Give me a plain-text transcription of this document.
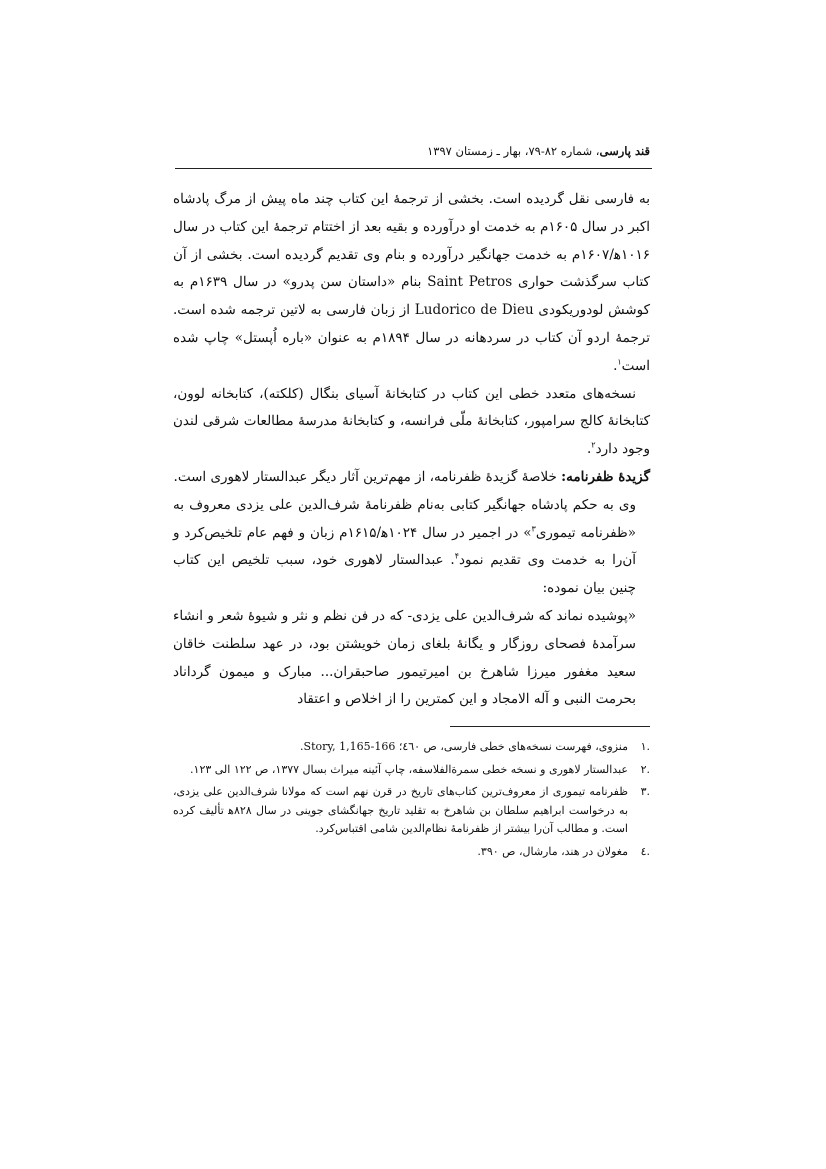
قند پارسی، شماره ۸۲-۷۹، بهار ـ زمستان ۱۳۹۷

به فارسی نقل گردیده است. بخشی از ترجمهٔ این کتاب چند ماه پیش از مرگ پادشاه اکبر در سال ۱۶۰۵م به خدمت او درآورده و بقیه بعد از اختتام ترجمهٔ این کتاب در سال ۱۰۱۶ه‍/۱۶۰۷م به خدمت جهانگیر درآورده و بنام وی تقدیم گردیده است. بخشی از آن کتاب سرگذشت حواری Saint Petros بنام «داستان سن پدرو» در سال ۱۶۳۹م به کوشش لودوریکودی Ludorico de Dieu از زبان فارسی به لاتین ترجمه شده است. ترجمهٔ اردو آن کتاب در سردهانه در سال ۱۸۹۴م به عنوان «باره اُپستل» چاپ شده است$^۱$.

نسخه‌های متعدد خطی این کتاب در کتابخانهٔ آسیای بنگال (کلکته)، کتابخانه لوون، کتابخانهٔ کالج سرامپور، کتابخانهٔ ملّی فرانسه، و کتابخانهٔ مدرسهٔ مطالعات شرقی لندن وجود دارد$^۲$.

گزیدهٔ ظفرنامه: خلاصهٔ گزیدهٔ ظفرنامه، از مهم‌ترین آثار دیگر عبدالستار لاهوری است.

وی به حکم پادشاه جهانگیر کتابی به‌نام ظفرنامهٔ شرف‌الدین علی یزدی معروف به «ظفرنامه تیموری$^۳$» در اجمیر در سال ۱۰۲۴ه‍/۱۶۱۵م زبان و فهم عام تلخیص‌کرد و آن‌را به خدمت وی تقدیم نمود$^۴$. عبدالستار لاهوری خود، سبب تلخیص این کتاب چنین بیان نموده:

«پوشیده نماند که شرف‌الدین علی یزدی- که در فن نظم و نثر و شیوهٔ شعر و انشاء سرآمدهٔ فصحای روزگار و یگانهٔ بلغای زمان خویشتن بود، در عهد سلطنت خاقان سعید مغفور میرزا شاهرخ بن امیرتیمور صاحبقران... مبارک و میمون گرداناد بحرمت النبی و آله الامجاد و این کمترین را از اخلاص و اعتقاد

.۱
منزوی، فهرست نسخه‌های خطی فارسی، ص ٤٦٠؛ Story, 1,165-166.
.۲
عبدالستار لاهوری و نسخه خطی سمرةالفلاسفه، چاپ آئینه میراث بسال ۱۳۷۷، ص ۱۲۲ الی ۱۲۳.
.۳
ظفرنامه تیموری از معروف‌ترین کتاب‌های تاریخ در قرن نهم است که مولانا شرف‌الدین علی یزدی، به درخواست ابراهیم سلطان بن شاهرخ به تقلید تاریخ جهانگشای جوینی در سال ۸۲۸ه‍ تألیف کرده است. و مطالب آن‌را بیشتر از ظفرنامهٔ نظام‌الدین شامی اقتباس‌کرد.
.٤
مغولان در هند، مارشال، ص ۳۹۰.
